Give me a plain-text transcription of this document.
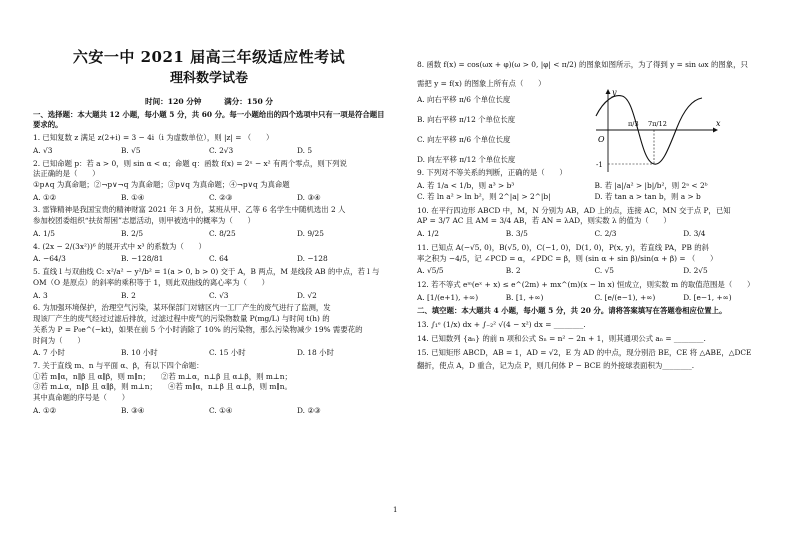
六安一中 2021 届高三年级适应性考试
理科数学试卷
时间：120 分钟	满分：150 分
一、选择题：本大题共 12 小题，每小题 5 分，共 60 分。每一小题给出的四个选项中只有一项是符合题目要求的。
1. 已知复数 z 满足 z(2+i) = 3 − 4i（i 为虚数单位），则 |z| = （　　）
A. √3	B. √5	C. 2√3	D. 5
2. 已知命题 p：若 a > 0，则 sin α < α；命题 q：函数 f(x) = 2ˣ − x² 有两个零点，则下列说
法正确的是（　　）
①p∧q 为真命题；②¬p∨¬q 为真命题；③p∨q 为真命题；④¬p∨q 为真命题
A. ①②	B. ①④	C. ②③	D. ③④
3. 雷锋精神是我国宝贵的精神财富 2021 年 3 月份，某班从甲、乙等 6 名学生中随机选出 2 人
参加校团委组织“扶贫帮困”志愿活动，则甲被选中的概率为（　　）
A. 1/5	B. 2/5	C. 8/25	D. 9/25
4. (2x − 2/(3x²))⁶ 的展开式中 x³ 的系数为（　　）
A. −64/3	B. −128/81	C. 64	D. −128
5. 直线 l 与双曲线 C: x²/a² − y²/b² = 1(a > 0, b > 0) 交于 A，B 两点，M 是线段 AB 的中点，若 l 与
OM（O 是原点）的斜率的乘积等于 1，则此双曲线的离心率为（　　）
A. 3	B. 2	C. √3	D. √2
6. 为加强环境保护，治理空气污染，某环保部门对辖区内一工厂产生的废气进行了监测，发
现该厂产生的废气经过过滤后排放，过滤过程中废气的污染物数量 P(mg/L) 与时间 t(h) 的
关系为 P = P₀e^(−kt)，如果在前 5 个小时消除了 10% 的污染物，那么污染物减少 19% 需要花的
时间为（　　）
A. 7 小时	B. 10 小时	C. 15 小时	D. 18 小时
7. 关于直线 m、n 与平面 α、β，有以下四个命题：
①若 m∥α，n∥β 且 α∥β，则 m∥n；　　②若 m⊥α，n⊥β 且 α⊥β，则 m⊥n；
③若 m⊥α，n∥β 且 α∥β，则 m⊥n；　　④若 m∥α，n⊥β 且 α⊥β，则 m∥n。
其中真命题的序号是（　　）
A. ①②	B. ③④	C. ①④	D. ②③
8. 函数 f(x) = cos(ωx + φ)(ω > 0, |φ| < π/2) 的图象如图所示，为了得到 y = sin ωx 的图象，只
需把 y = f(x) 的图象上所有点（　　）
A. 向右平移 π/6 个单位长度
B. 向右平移 π/12 个单位长度
C. 向左平移 π/6 个单位长度
D. 向左平移 π/12 个单位长度
9. 下列对不等关系的判断，正确的是（　　）
A. 若 1/a < 1/b，则 a³ > b³	B. 若 |a|/a² > |b|/b²，则 2ᵃ < 2ᵇ
C. 若 ln a² > ln b²，则 2^|a| > 2^|b|	D. 若 tan a > tan b，则 a > b
10. 在平行四边形 ABCD 中，M，N 分别为 AB，AD 上的点，连接 AC，MN 交于点 P，已知
AP = 3/7 AC 且 AM = 3/4 AB，若 AN = λAD，则实数 λ 的值为（　　）
A. 1/2	B. 3/5	C. 2/3	D. 3/4
11. 已知点 A(−√5, 0)，B(√5, 0)，C(−1, 0)，D(1, 0)，P(x, y)，若直线 PA，PB 的斜
率之积为 −4/5，记 ∠PCD = α，∠PDC = β，则 (sin α + sin β)/sin(α + β) = （　　）
A. √5/5	B. 2	C. √5	D. 2√5
12. 若不等式 eᵐ(eˣ + x) ≤ e^(2m) + mx^(m)(x − ln x) 恒成立，则实数 m 的取值范围是（　　）
A. [1/(e+1), +∞)	B. [1, +∞)	C. [e/(e−1), +∞)	D. [e−1, +∞)
二、填空题：本大题共 4 小题，每小题 5 分，共 20 分。请将答案填写在答题卷相应位置上。
13. ∫₁ᵉ (1/x) dx + ∫₋₂² √(4 − x²) dx = ________.
14. 已知数列 {aₙ} 的前 n 项和公式 Sₙ = n² − 2n + 1，则其通项公式 aₙ = ________.
15. 已知矩形 ABCD，AB = 1，AD = √2，E 为 AD 的中点，现分别沿 BE，CE 将 △ABE，△DCE
翻折，使点 A，D 重合，记为点 P，则几何体 P − BCE 的外接球表面积为________.
y
x
O
π/3 7π/12
-1
1
